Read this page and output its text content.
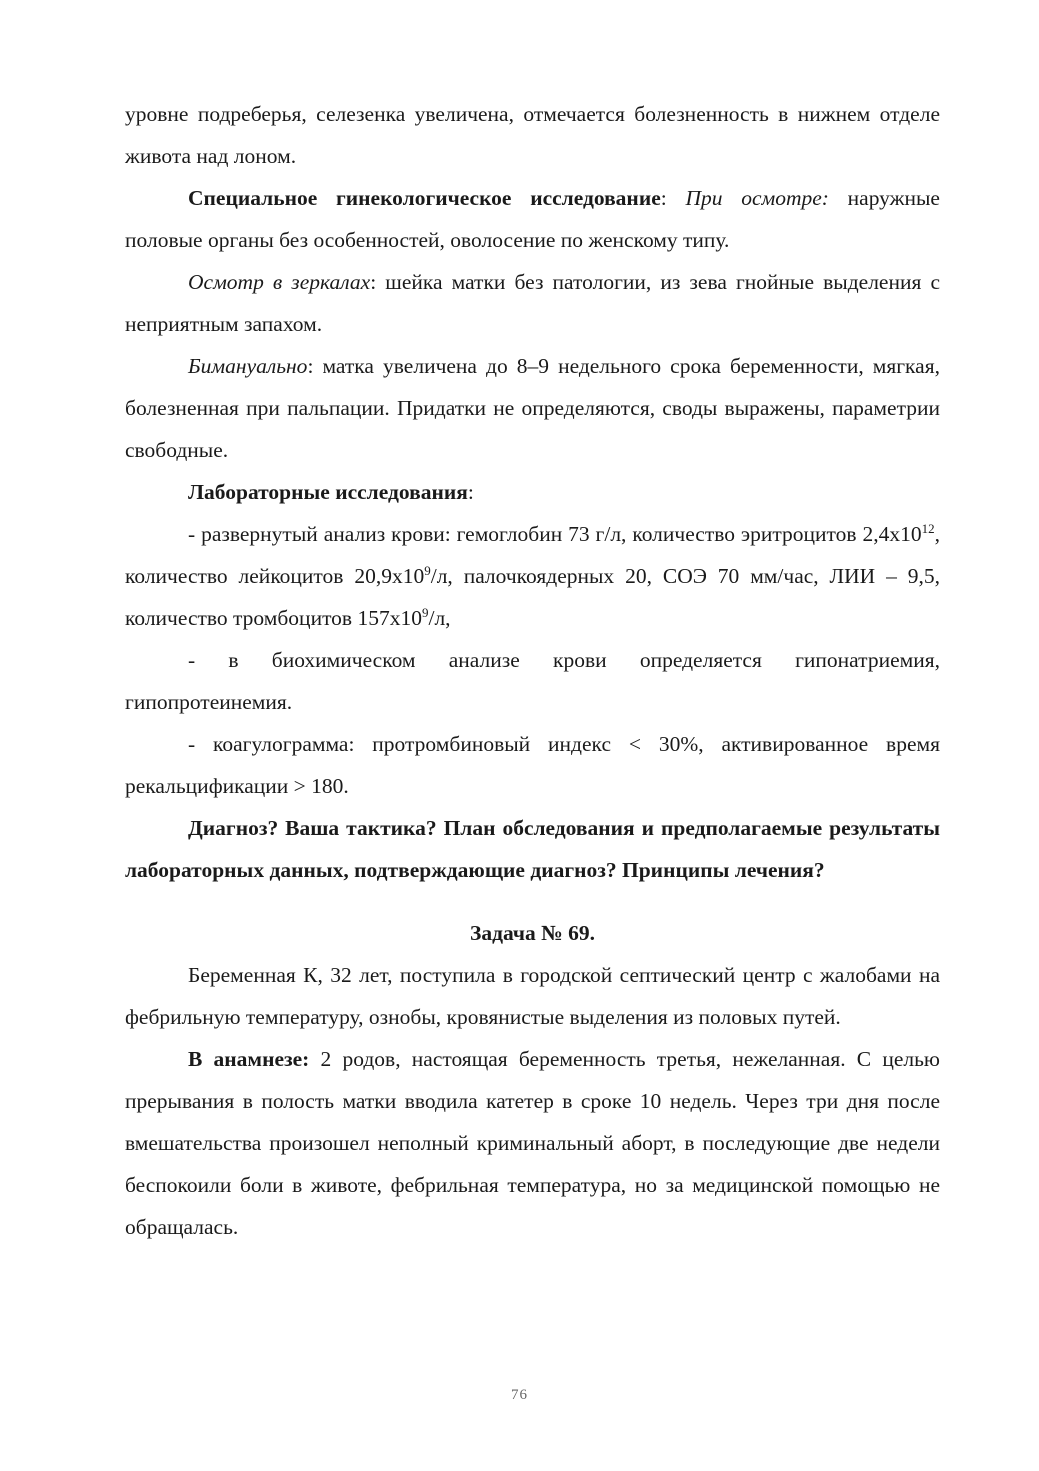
уровне подреберья, селезенка увеличена, отмечается болезненность в нижнем отделе живота над лоном.

Специальное гинекологическое исследование: При осмотре: наружные половые органы без особенностей, оволосение по женскому типу.

Осмотр в зеркалах: шейка матки без патологии, из зева гнойные выделения с неприятным запахом.

Бимануально: матка увеличена до 8–9 недельного срока беременности, мягкая, болезненная при пальпации. Придатки не определяются, своды выражены, параметрии свободные.

Лабораторные исследования:

- развернутый анализ крови: гемоглобин 73 г/л, количество эритроцитов $2,4х10^{12}$, количество лейкоцитов $20,9х10^9/л$, палочкоядерных 20, СОЭ 70 мм/час, ЛИИ – 9,5, количество тромбоцитов $157х10^9/л$,

- в биохимическом анализе крови определяется гипонатриемия, гипопротеинемия.

- коагулограмма: протромбиновый индекс < 30%, активированное время рекальцификации > 180.

Диагноз? Ваша тактика? План обследования и предполагаемые результаты лабораторных данных, подтверждающие диагноз? Принципы лечения?

Задача № 69.

Беременная К, 32 лет, поступила в городской септический центр с жалобами на фебрильную температуру, ознобы, кровянистые выделения из половых путей.

В анамнезе: 2 родов, настоящая беременность третья, нежеланная. С целью прерывания в полость матки вводила катетер в сроке 10 недель. Через три дня после вмешательства произошел неполный криминальный аборт, в последующие две недели беспокоили боли в животе, фебрильная температура, но за медицинской помощью не обращалась.

76
